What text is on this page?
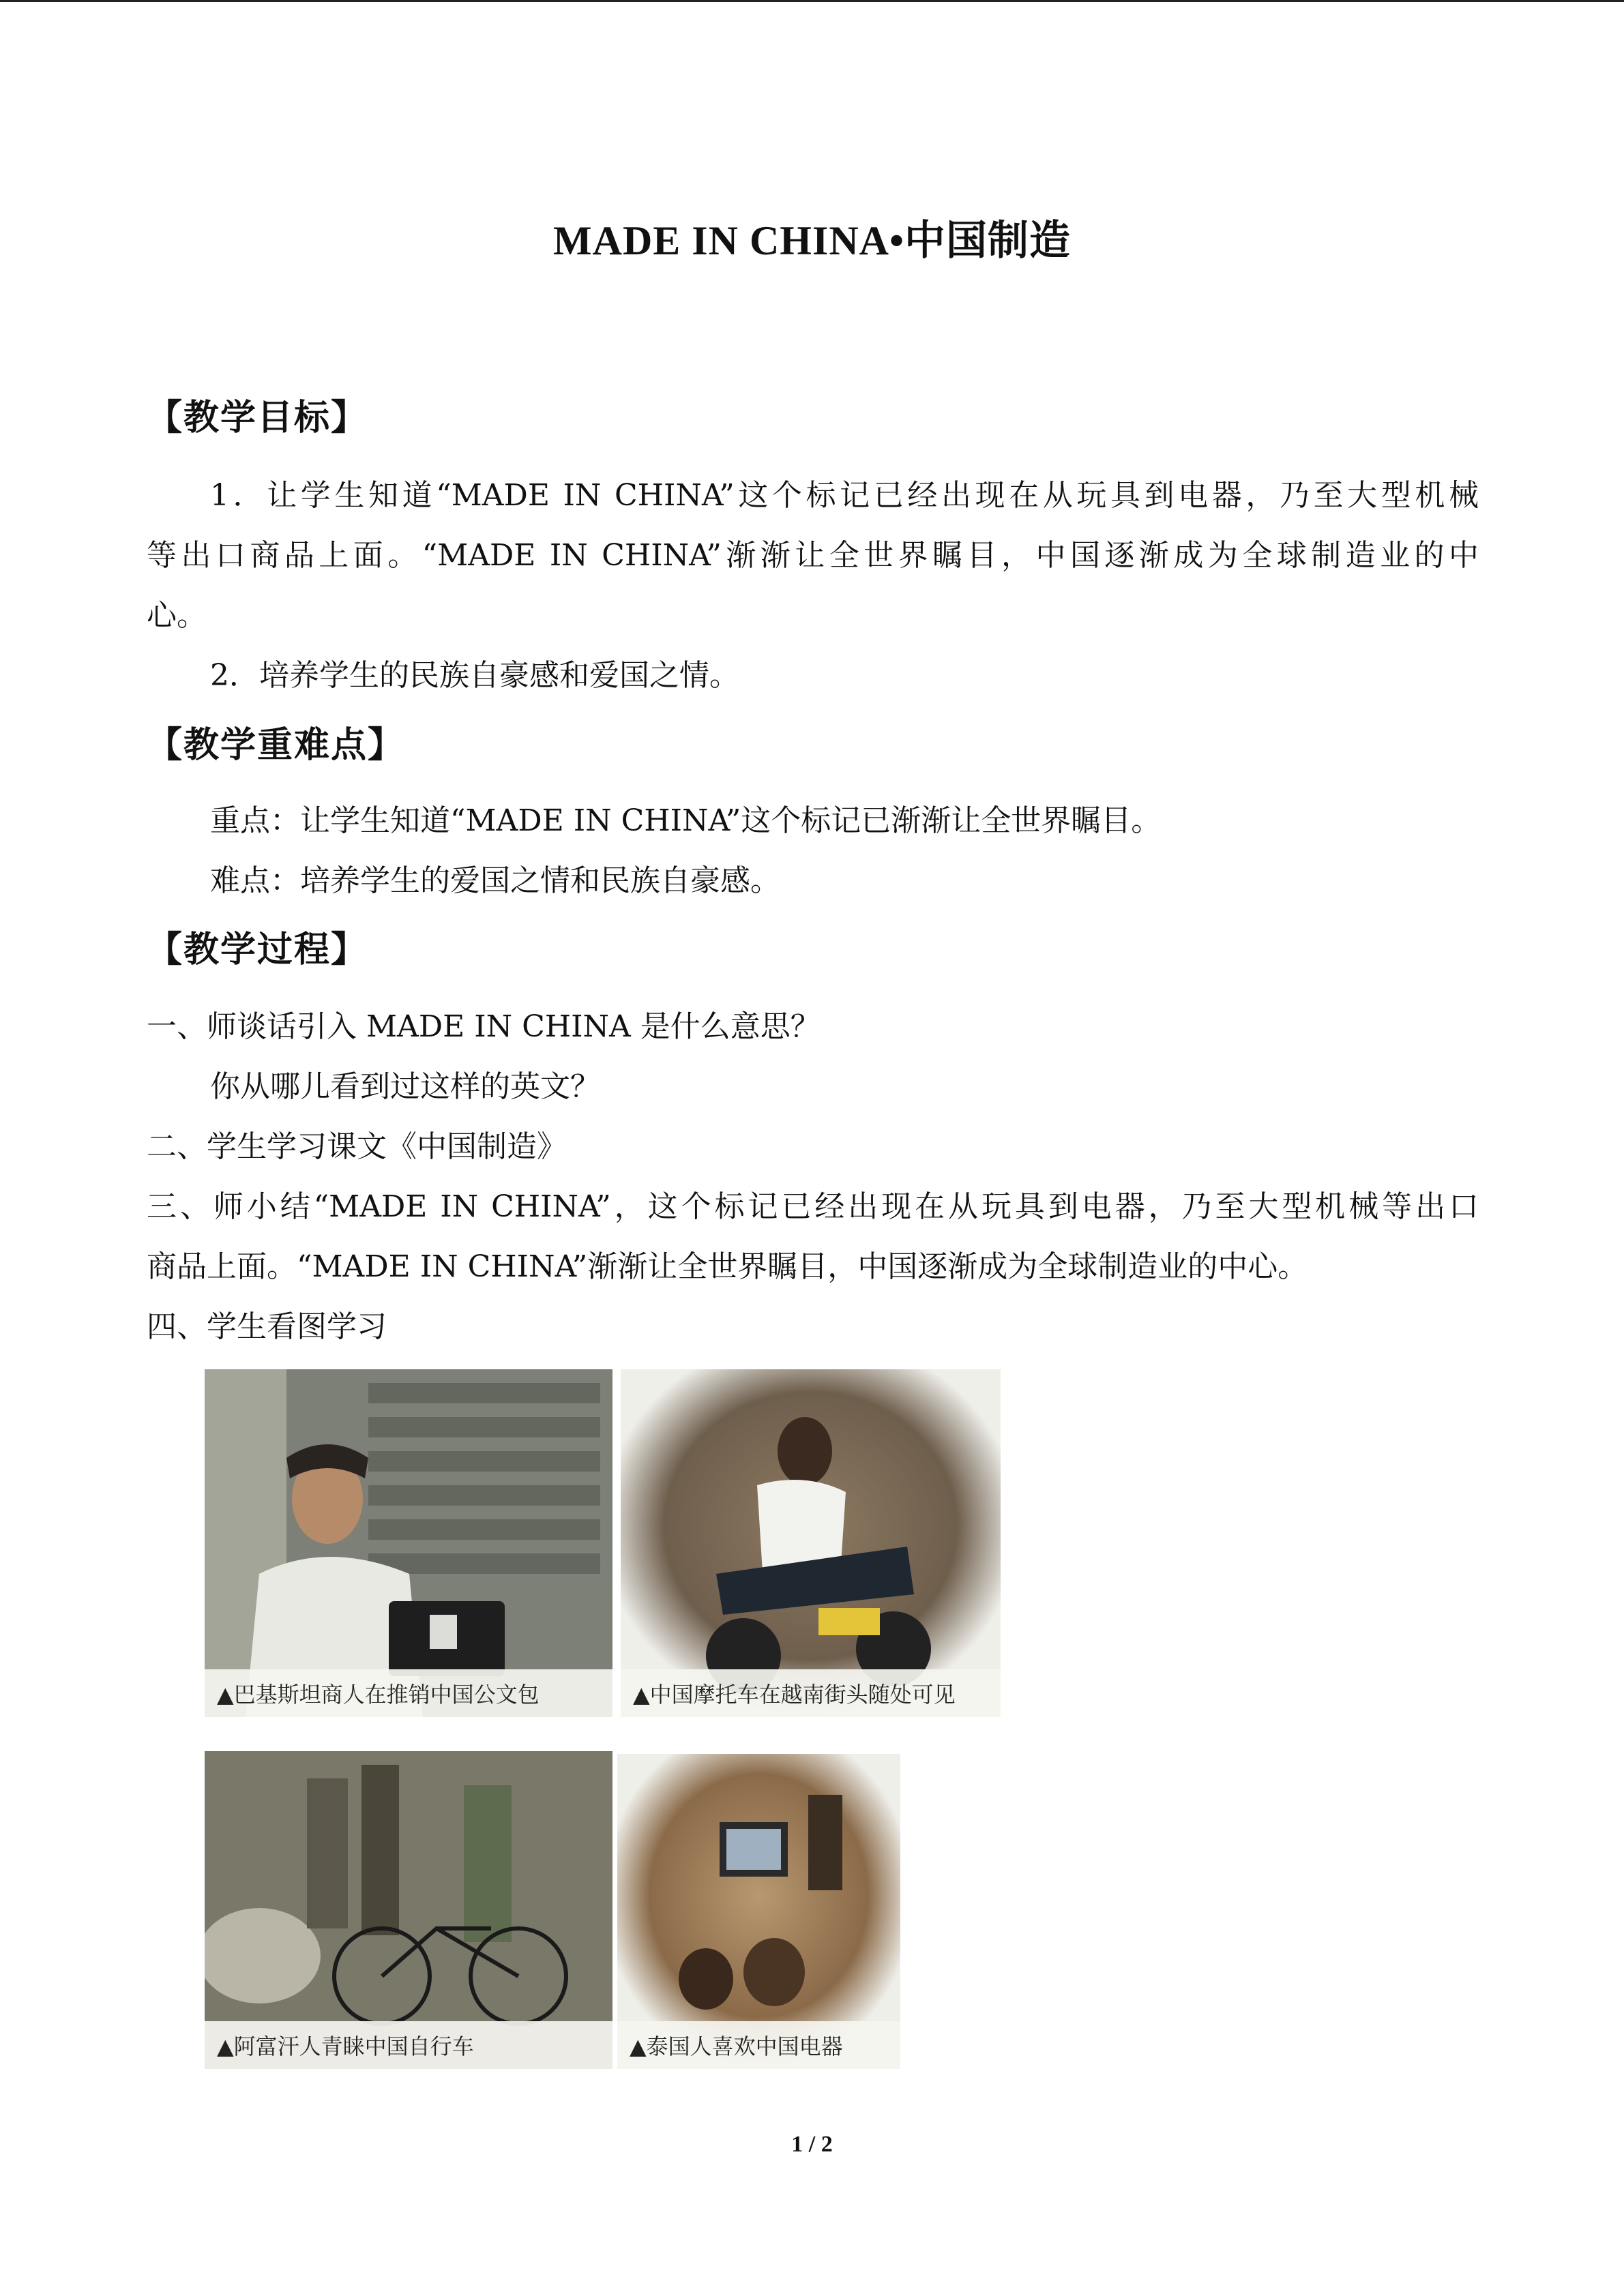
MADE IN CHINA•中国制造
【教学目标】
1．让学生知道“MADE IN CHINA”这个标记已经出现在从玩具到电器，乃至大型机械
等出口商品上面。“MADE IN CHINA”渐渐让全世界瞩目，中国逐渐成为全球制造业的中
心。
2．培养学生的民族自豪感和爱国之情。
【教学重难点】
重点：让学生知道“MADE IN CHINA”这个标记已渐渐让全世界瞩目。
难点：培养学生的爱国之情和民族自豪感。
【教学过程】
一、师谈话引入 MADE IN CHINA 是什么意思？
你从哪儿看到过这样的英文？
二、学生学习课文《中国制造》
三、师小结“MADE IN CHINA”，这个标记已经出现在从玩具到电器，乃至大型机械等出口
商品上面。“MADE IN CHINA”渐渐让全世界瞩目，中国逐渐成为全球制造业的中心。
四、学生看图学习
▲巴基斯坦商人在推销中国公文包	▲中国摩托车在越南街头随处可见
▲阿富汗人青睐中国自行车	▲泰国人喜欢中国电器
1 / 2
